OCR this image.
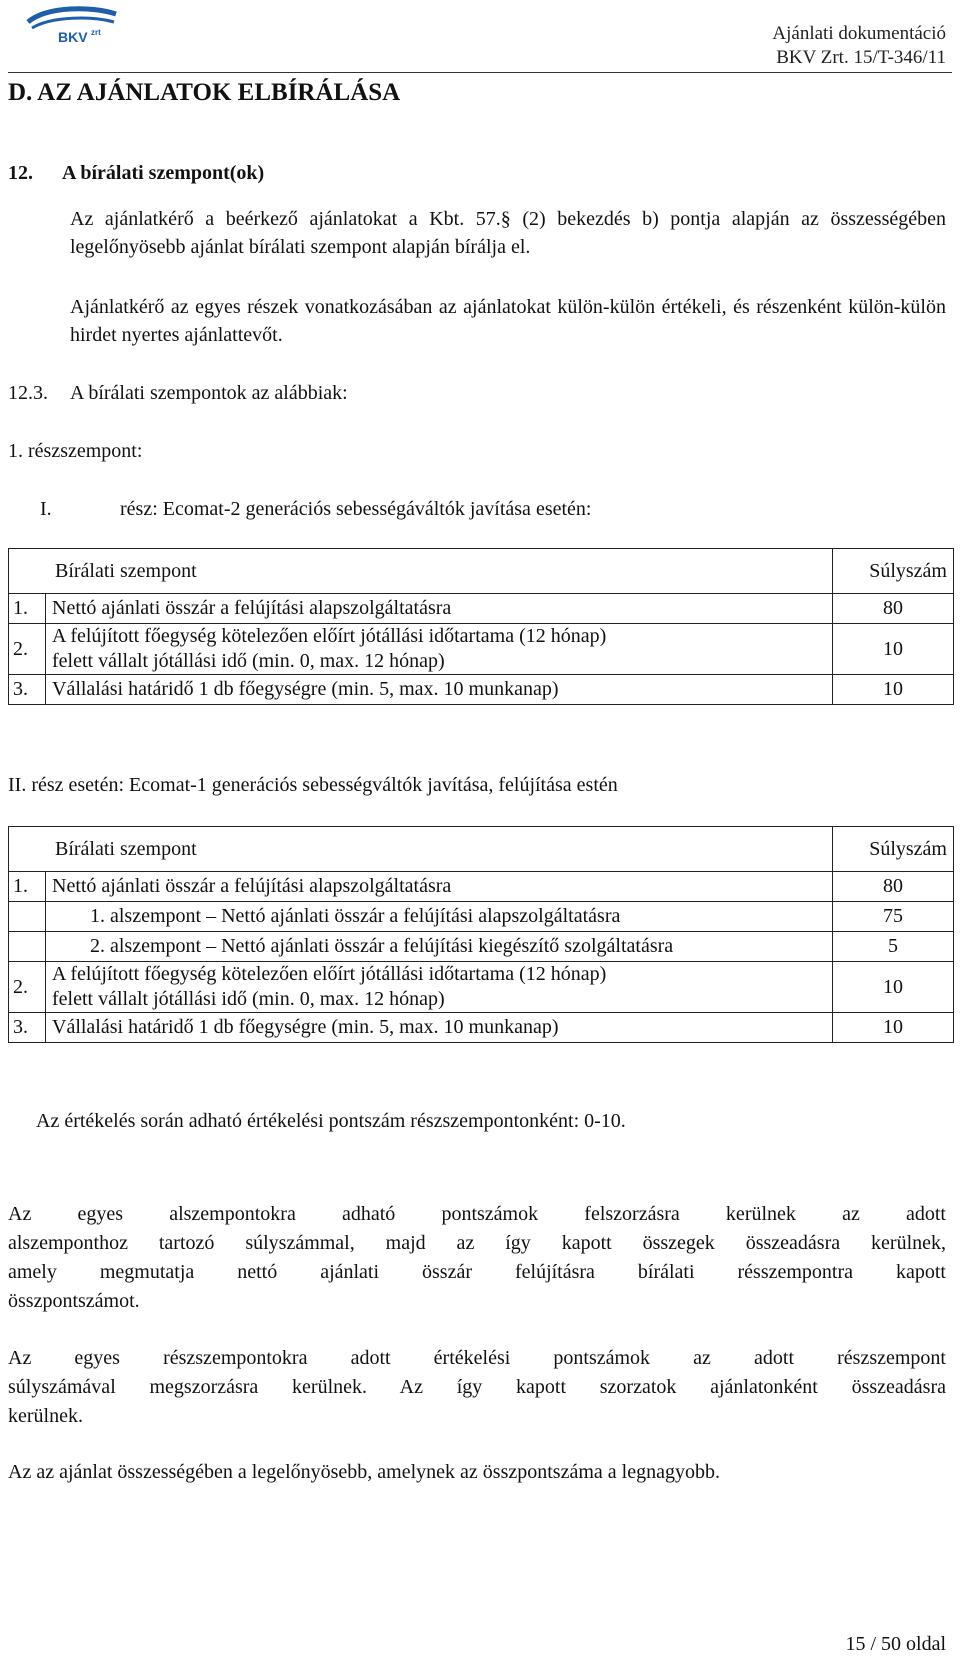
BKV zrt	Ajánlati dokumentáció
BKV Zrt. 15/T-346/11
D. AZ AJÁNLATOK ELBÍRÁLÁSA
12. A bírálati szempont(ok)
Az ajánlatkérő a beérkező ajánlatokat a Kbt. 57.§ (2) bekezdés b) pontja alapján az összességében legelőnyösebb ajánlat bírálati szempont alapján bírálja el.
Ajánlatkérő az egyes részek vonatkozásában az ajánlatokat külön-külön értékeli, és részenként külön-külön hirdet nyertes ajánlattevőt.
12.3. A bírálati szempontok az alábbiak:
1. részszempont:
I.	rész: Ecomat-2 generációs sebességáváltók javítása esetén:
Bírálati szempont		Súlyszám
1.	Nettó ajánlati összár a felújítási alapszolgáltatásra	80
2.	A felújított főegység kötelezően előírt jótállási időtartama (12 hónap)
felett vállalt jótállási idő (min. 0, max. 12 hónap)	10
3.	Vállalási határidő 1 db főegységre (min. 5, max. 10 munkanap)	10
II. rész esetén: Ecomat-1 generációs sebességváltók javítása, felújítása estén
Bírálati szempont		Súlyszám
1.	Nettó ajánlati összár a felújítási alapszolgáltatásra	80
	1. alszempont – Nettó ajánlati összár a felújítási alapszolgáltatásra	75
	2. alszempont – Nettó ajánlati összár a felújítási kiegészítő szolgáltatásra	5
2.	A felújított főegység kötelezően előírt jótállási időtartama (12 hónap)
felett vállalt jótállási idő (min. 0, max. 12 hónap)	10
3.	Vállalási határidő 1 db főegységre (min. 5, max. 10 munkanap)	10
Az értékelés során adható értékelési pontszám részszempontonként: 0-10.
Az egyes alszempontokra adható pontszámok felszorzásra kerülnek az adott
alszemponthoz tartozó súlyszámmal, majd az így kapott összegek összeadásra kerülnek,
amely megmutatja nettó ajánlati összár felújításra bírálati résszempontra kapott
összpontszámot.
Az egyes részszempontokra adott értékelési pontszámok az adott részszempont
súlyszámával megszorzásra kerülnek. Az így kapott szorzatok ajánlatonként összeadásra
kerülnek.
Az az ajánlat összességében a legelőnyösebb, amelynek az összpontszáma a legnagyobb.
15 / 50 oldal
